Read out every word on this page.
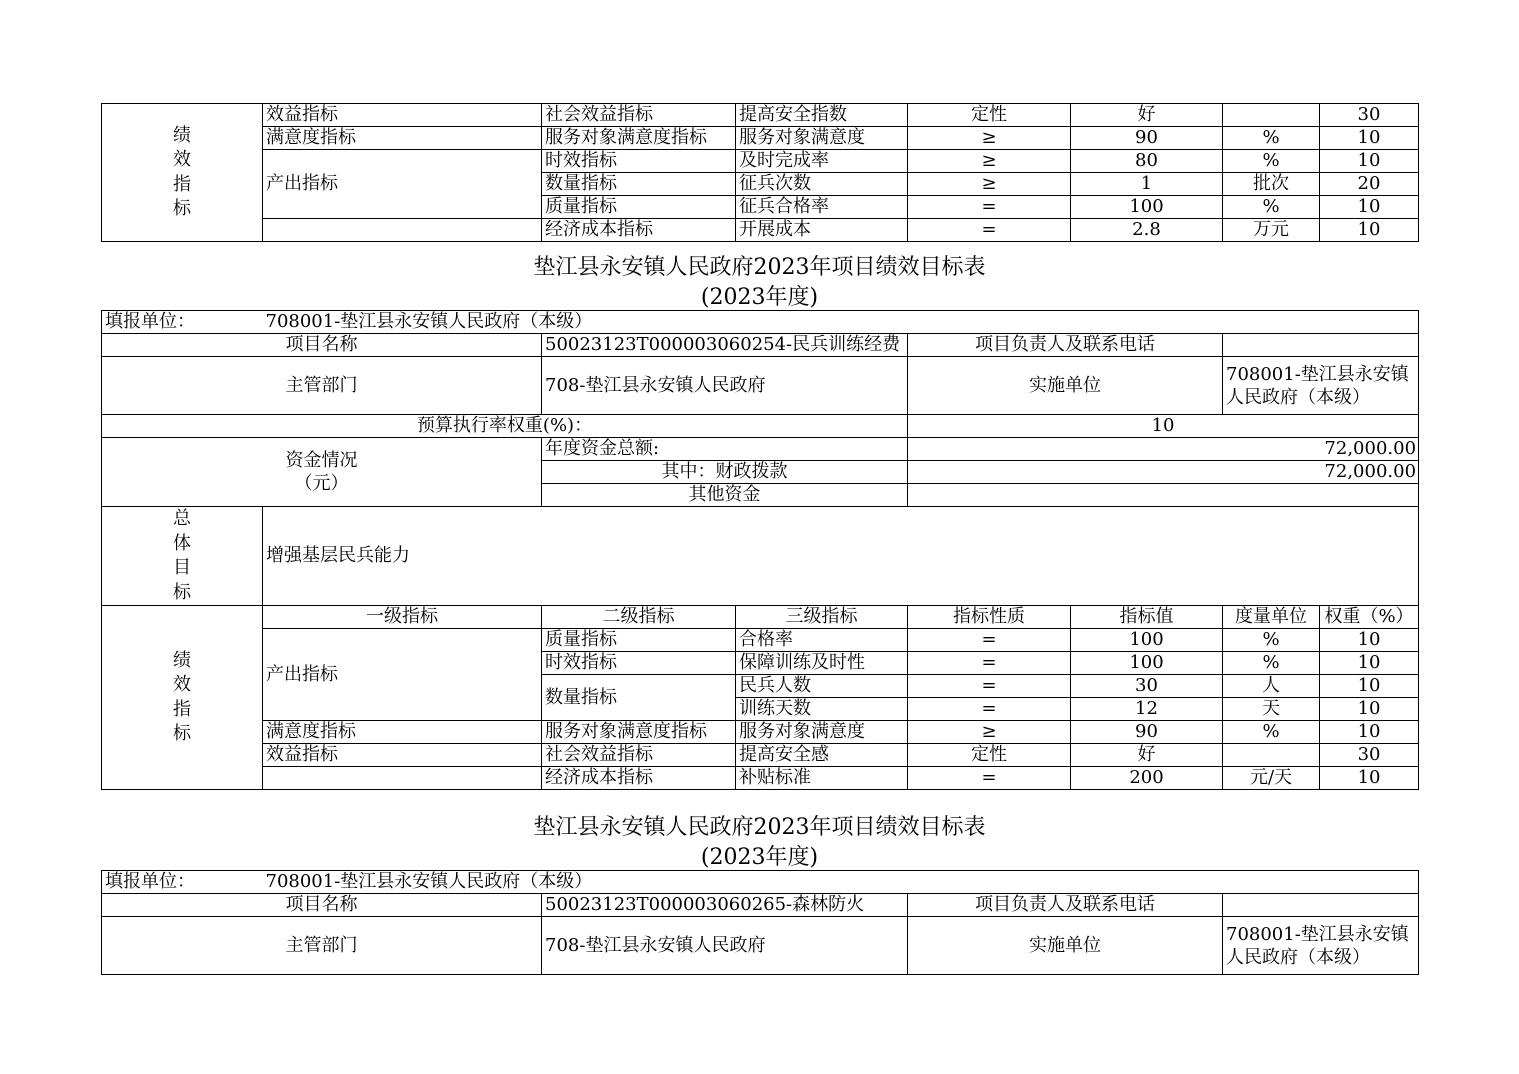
绩
效
指
标	效益指标	社会效益指标	提高安全指数	定性	好		30
	满意度指标	服务对象满意度指标	服务对象满意度	≥	90	%	10
	产出指标	时效指标	及时完成率	≥	80	%	10
		数量指标	征兵次数	≥	1	批次	20
		质量指标	征兵合格率	=	100	%	10
		经济成本指标	开展成本	=	2.8	万元	10
垫江县永安镇人民政府2023年项目绩效目标表
(2023年度)
填报单位：	708001-垫江县永安镇人民政府（本级）						
项目名称		50023123T000003060254-民兵训练经费		项目负责人及联系电话			
主管部门		708-垫江县永安镇人民政府		实施单位		708001-垫江县永安镇人民政府（本级）	
预算执行率权重(%)：				10			

资金情况
（元）		年度资金总额:		72,000.00			
		其中：财政拨款		72,000.00			
		其他资金					

总
体
目
标	增强基层民兵能力						

绩
效
指
标	一级指标	二级指标	三级指标	指标性质	指标值	度量单位	权重（%）
	产出指标	质量指标	合格率	=	100	%	10
		时效指标	保障训练及时性	=	100	%	10
		数量指标	民兵人数	=	30	人	10
			训练天数	=	12	天	10
	满意度指标	服务对象满意度指标	服务对象满意度	≥	90	%	10
	效益指标	社会效益指标	提高安全感	定性	好		30
		经济成本指标	补贴标准	=	200	元/天	10
垫江县永安镇人民政府2023年项目绩效目标表
(2023年度)
填报单位：	708001-垫江县永安镇人民政府（本级）			
项目名称		50023123T000003060265-森林防火	项目负责人及联系电话	
主管部门		708-垫江县永安镇人民政府	实施单位	708001-垫江县永安镇人民政府（本级）
